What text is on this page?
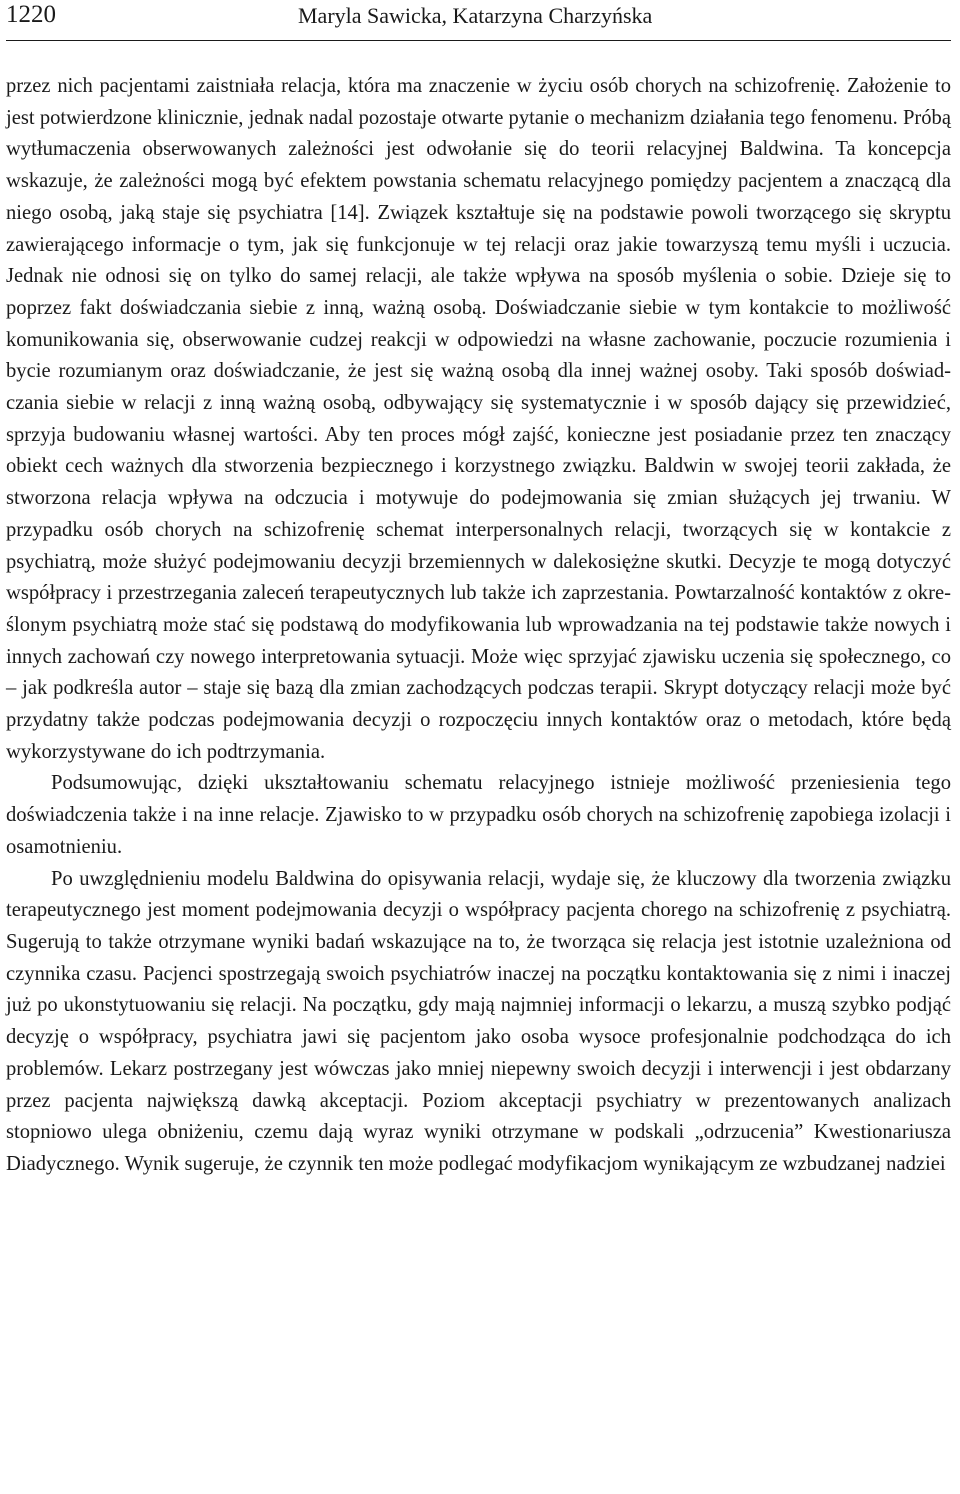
1220	Maryla Sawicka, Katarzyna Charzyńska

przez nich pacjentami zaistniała relacja, która ma znaczenie w życiu osób chorych na schizofrenię. Założenie to jest potwierdzone klinicznie, jednak nadal pozostaje otwarte pytanie o mechanizm działania tego fenomenu. Próbą wytłumaczenia obserwowanych zależności jest odwołanie się do teorii relacyjnej Baldwina. Ta koncepcja wskazuje, że zależności mogą być efektem powstania schematu relacyjnego pomiędzy pacjentem a znaczącą dla niego osobą, jaką staje się psychiatra [14]. Związek kształtuje się na podstawie powoli tworzącego się skryptu zawierającego informacje o tym, jak się funkcjonuje w tej relacji oraz jakie towarzyszą temu myśli i uczucia. Jednak nie odnosi się on tylko do samej relacji, ale także wpływa na sposób myślenia o sobie. Dzieje się to poprzez fakt doświadczania siebie z inną, ważną osobą. Doświadczanie siebie w tym kontakcie to możliwość komunikowania się, obserwowanie cudzej reakcji w odpowiedzi na własne zachowanie, poczucie rozumienia i bycie rozumianym oraz doświadczanie, że jest się ważną osobą dla innej ważnej osoby. Taki sposób doświadczania siebie w relacji z inną ważną osobą, odbywający się systematycznie i w sposób dający się przewidzieć, sprzyja budowaniu własnej wartości. Aby ten proces mógł zajść, konieczne jest posiadanie przez ten znaczący obiekt cech ważnych dla stworzenia bezpiecznego i korzystnego związku. Baldwin w swojej teorii zakłada, że stworzona relacja wpływa na odczucia i motywuje do podejmowania się zmian służących jej trwaniu. W przypadku osób chorych na schizofrenię schemat interpersonalnych relacji, tworzących się w kontakcie z psychiatrą, może służyć podejmowaniu decyzji brzemiennych w dalekosiężne skutki. Decyzje te mogą dotyczyć współpracy i przestrzegania zaleceń terapeutycznych lub także ich zaprzestania. Powtarzalność kontaktów z określonym psychiatrą może stać się podstawą do modyfikowania lub wprowadzania na tej podstawie także nowych i innych zachowań czy nowego interpretowania sytuacji. Może więc sprzyjać zjawisku uczenia się społecznego, co – jak podkreśla autor – staje się bazą dla zmian zachodzących podczas terapii. Skrypt dotyczący relacji może być przydatny także podczas podejmowania decyzji o rozpoczęciu innych kontaktów oraz o metodach, które będą wykorzystywane do ich podtrzymania.

Podsumowując, dzięki ukształtowaniu schematu relacyjnego istnieje możliwość przeniesienia tego doświadczenia także i na inne relacje. Zjawisko to w przypadku osób chorych na schizofrenię zapobiega izolacji i osamotnieniu.

Po uwzględnieniu modelu Baldwina do opisywania relacji, wydaje się, że kluczowy dla tworzenia związku terapeutycznego jest moment podejmowania decyzji o współpracy pacjenta chorego na schizofrenię z psychiatrą. Sugerują to także otrzymane wyniki badań wskazujące na to, że tworząca się relacja jest istotnie uzależniona od czynnika czasu. Pacjenci spostrzegają swoich psychiatrów inaczej na początku kontaktowania się z nimi i inaczej już po ukonstytuowaniu się relacji. Na początku, gdy mają najmniej informacji o lekarzu, a muszą szybko podjąć decyzję o współpracy, psychiatra jawi się pacjentom jako osoba wysoce profesjonalnie podchodząca do ich problemów. Lekarz postrzegany jest wówczas jako mniej niepewny swoich decyzji i interwencji i jest obdarzany przez pacjenta największą dawką akceptacji. Poziom akceptacji psychiatry w prezentowanych analizach stopniowo ulega obniżeniu, czemu dają wyraz wyniki otrzymane w podskali „odrzucenia” Kwestionariusza Diadycznego. Wynik sugeruje, że czynnik ten może podlegać modyfikacjom wynikającym ze wzbudzanej nadziei
